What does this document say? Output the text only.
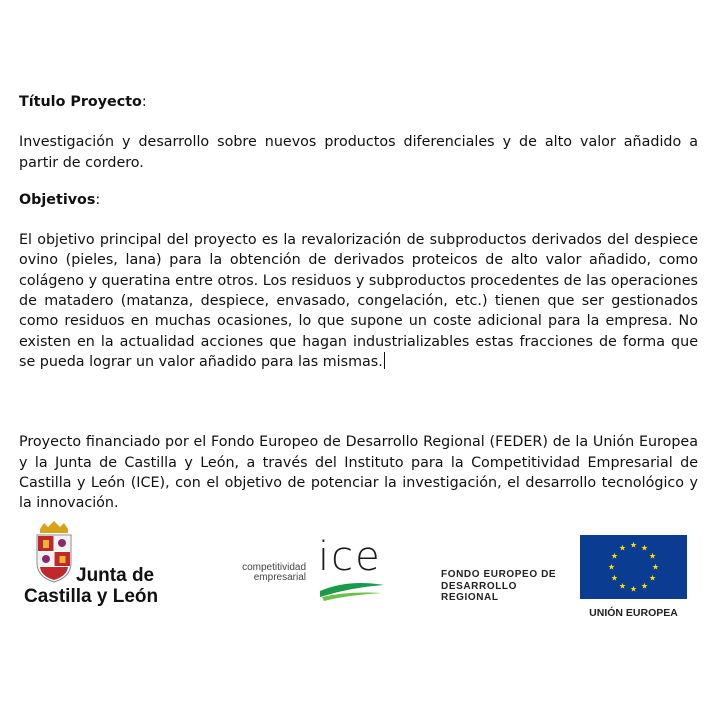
Título Proyecto:

Investigación y desarrollo sobre nuevos productos diferenciales y de alto valor añadido a partir de cordero.

Objetivos:

El objetivo principal del proyecto es la revalorización de subproductos derivados del despiece ovino (pieles, lana) para la obtención de derivados proteicos de alto valor añadido, como colágeno y queratina entre otros. Los residuos y subproductos procedentes de las operaciones de matadero (matanza, despiece, envasado, congelación, etc.) tienen que ser gestionados como residuos en muchas ocasiones, lo que supone un coste adicional para la empresa. No existen en la actualidad acciones que hagan industrializables estas fracciones de forma que se pueda lograr un valor añadido para las mismas.

Proyecto financiado por el Fondo Europeo de Desarrollo Regional (FEDER) de la Unión Europea y la Junta de Castilla y León, a través del Instituto para la Competitividad Empresarial de Castilla y León (ICE), con el objetivo de potenciar la investigación, el desarrollo tecnológico y la innovación.

Junta de
Castilla y León
competitividad
empresarial ice	FONDO EUROPEO DE
DESARROLLO
REGIONAL
UNIÓN EUROPEA
